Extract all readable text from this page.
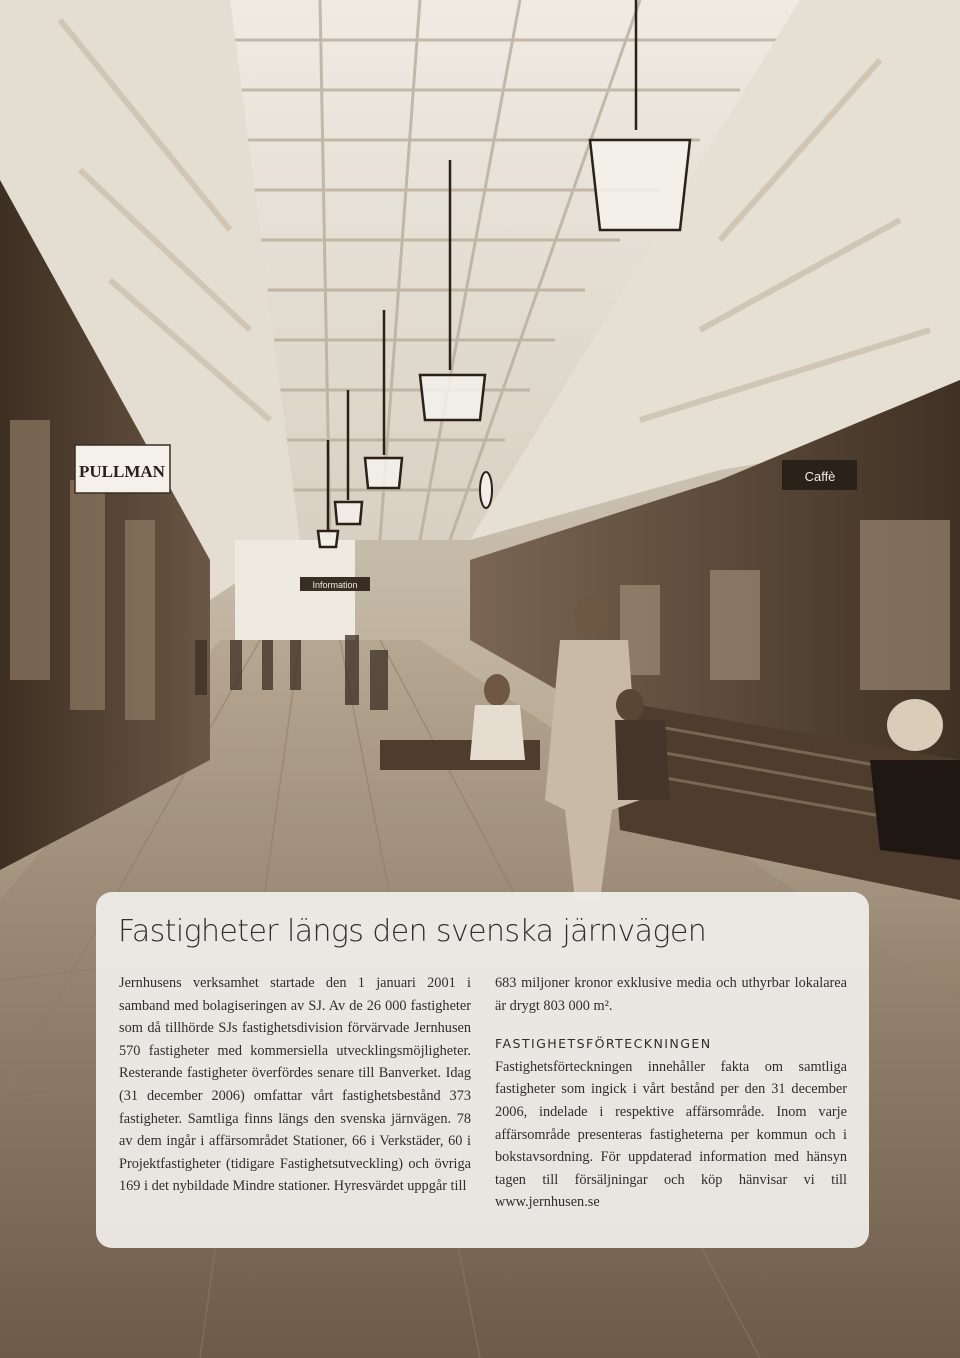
PULLMAN	Caffè
Information
Fastigheter längs den svenska järnvägen

Jernhusens verksamhet startade den 1 januari 2001 i samband med bolagiseringen av SJ. Av de 26 000 fastigheter som då tillhörde SJs fastighetsdivision förvärvade Jernhusen 570 fastigheter med kommersiella utvecklingsmöjligheter. Resterande fastigheter överfördes senare till Banverket. Idag (31 december 2006) omfattar vårt fastighetsbestånd 373 fastigheter. Samtliga finns längs den svenska järnvägen. 78 av dem ingår i affärsområdet Stationer, 66 i Verkstäder, 60 i Projektfastigheter (tidigare Fastighetsutveckling) och övriga 169 i det nybildade Mindre stationer. Hyresvärdet uppgår till

683 miljoner kronor exklusive media och uthyrbar lokalarea är drygt 803 000 m².

FASTIGHETSFÖRTECKNINGEN

Fastighetsförteckningen innehåller fakta om samtliga fastigheter som ingick i vårt bestånd per den 31 december 2006, indelade i respektive affärsområde. Inom varje affärsområde presenteras fastigheterna per kommun och i bokstavsordning. För uppdaterad information med hänsyn tagen till försäljningar och köp hänvisar vi till www.jernhusen.se
